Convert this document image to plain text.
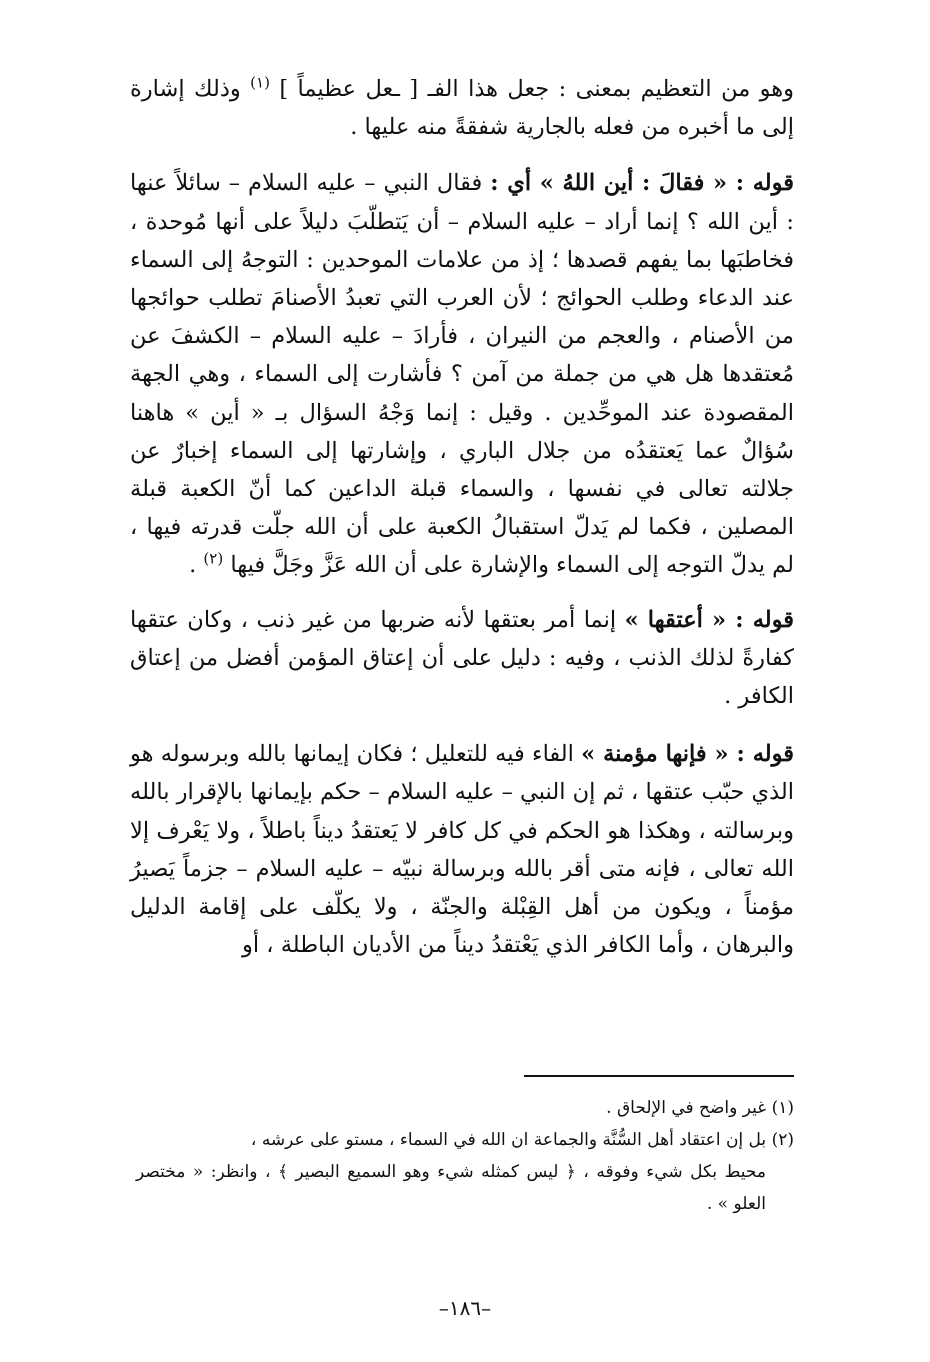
وهو من التعظيم بمعنى : جعل هذا الفـ [ ـعل عظيماً ] $^{(١)}$ وذلك إشارة إلى ما أخبره من فعله بالجارية شفقةً منه عليها .

قوله : « فقالَ : أين اللهُ » أي : فقال النبي – عليه السلام – سائلاً عنها : أين الله ؟ إنما أراد – عليه السلام – أن يَتطلّبَ دليلاً على أنها مُوحدة ، فخاطبَها بما يفهم قصدها ؛ إذ من علامات الموحدين : التوجهُ إلى السماء عند الدعاء وطلب الحوائج ؛ لأن العرب التي تعبدُ الأصنامَ تطلب حوائجها من الأصنام ، والعجم من النيران ، فأرادَ – عليه السلام – الكشفَ عن مُعتقدها هل هي من جملة من آمن ؟ فأشارت إلى السماء ، وهي الجهة المقصودة عند الموحِّدين . وقيل : إنما وَجْهُ السؤال بـ « أين » هاهنا سُؤالٌ عما يَعتقدُه من جلال الباري ، وإشارتها إلى السماء إخبارٌ عن جلالته تعالى في نفسها ، والسماء قبلة الداعين كما أنّ الكعبة قبلة المصلين ، فكما لم يَدلّ استقبالُ الكعبة على أن الله جلّت قدرته فيها ، لم يدلّ التوجه إلى السماء والإشارة على أن الله عَزَّ وجَلَّ فيها $^{(٢)}$ .

قوله : « أعتقها » إنما أمر بعتقها لأنه ضربها من غير ذنب ، وكان عتقها كفارةً لذلك الذنب ، وفيه : دليل على أن إعتاق المؤمن أفضل من إعتاق الكافر .

قوله : « فإنها مؤمنة » الفاء فيه للتعليل ؛ فكان إيمانها بالله وبرسوله هو الذي حبّب عتقها ، ثم إن النبي – عليه السلام – حكم بإيمانها بالإقرار بالله وبرسالته ، وهكذا هو الحكم في كل كافر لا يَعتقدُ ديناً باطلاً ، ولا يَعْرف إلا الله تعالى ، فإنه متى أقر بالله وبرسالة نبيّه – عليه السلام – جزماً يَصيرُ مؤمناً ، ويكون من أهل القِبْلة والجنّة ، ولا يكلّف على إقامة الدليل والبرهان ، وأما الكافر الذي يَعْتقدُ ديناً من الأديان الباطلة ، أو

(١) غير واضح في الإلحاق .

(٢) بل إن اعتقاد أهل السُّنَّة والجماعة ان الله في السماء ، مستو على عرشه ،

محيط بكل شيء وفوقه ، ﴿ ليس كمثله شيء وهو السميع البصير ﴾ ، وانظر: « مختصر العلو » .

–١٨٦–
